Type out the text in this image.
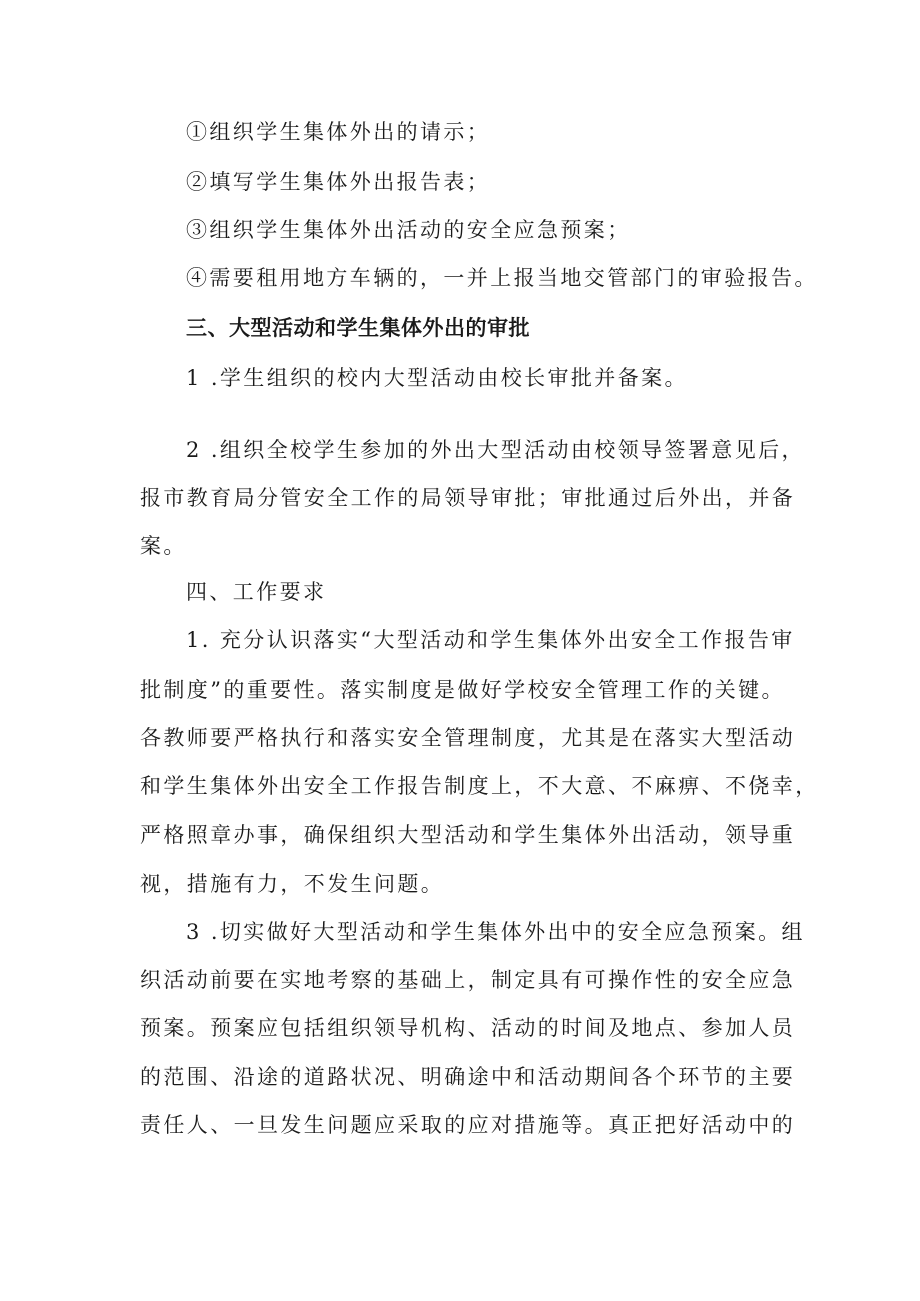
①组织学生集体外出的请示；
②填写学生集体外出报告表；
③组织学生集体外出活动的安全应急预案；
④需要租用地方车辆的，一并上报当地交管部门的审验报告。
三、大型活动和学生集体外出的审批
1 .学生组织的校内大型活动由校长审批并备案。
2 .组织全校学生参加的外出大型活动由校领导签署意见后，
报市教育局分管安全工作的局领导审批；审批通过后外出，并备
案。
四、工作要求
1. 充分认识落实“大型活动和学生集体外出安全工作报告审
批制度”的重要性。落实制度是做好学校安全管理工作的关键。
各教师要严格执行和落实安全管理制度，尤其是在落实大型活动
和学生集体外出安全工作报告制度上，不大意、不麻痹、不侥幸，
严格照章办事，确保组织大型活动和学生集体外出活动，领导重
视，措施有力，不发生问题。
3 .切实做好大型活动和学生集体外出中的安全应急预案。组
织活动前要在实地考察的基础上，制定具有可操作性的安全应急
预案。预案应包括组织领导机构、活动的时间及地点、参加人员
的范围、沿途的道路状况、明确途中和活动期间各个环节的主要
责任人、一旦发生问题应采取的应对措施等。真正把好活动中的
